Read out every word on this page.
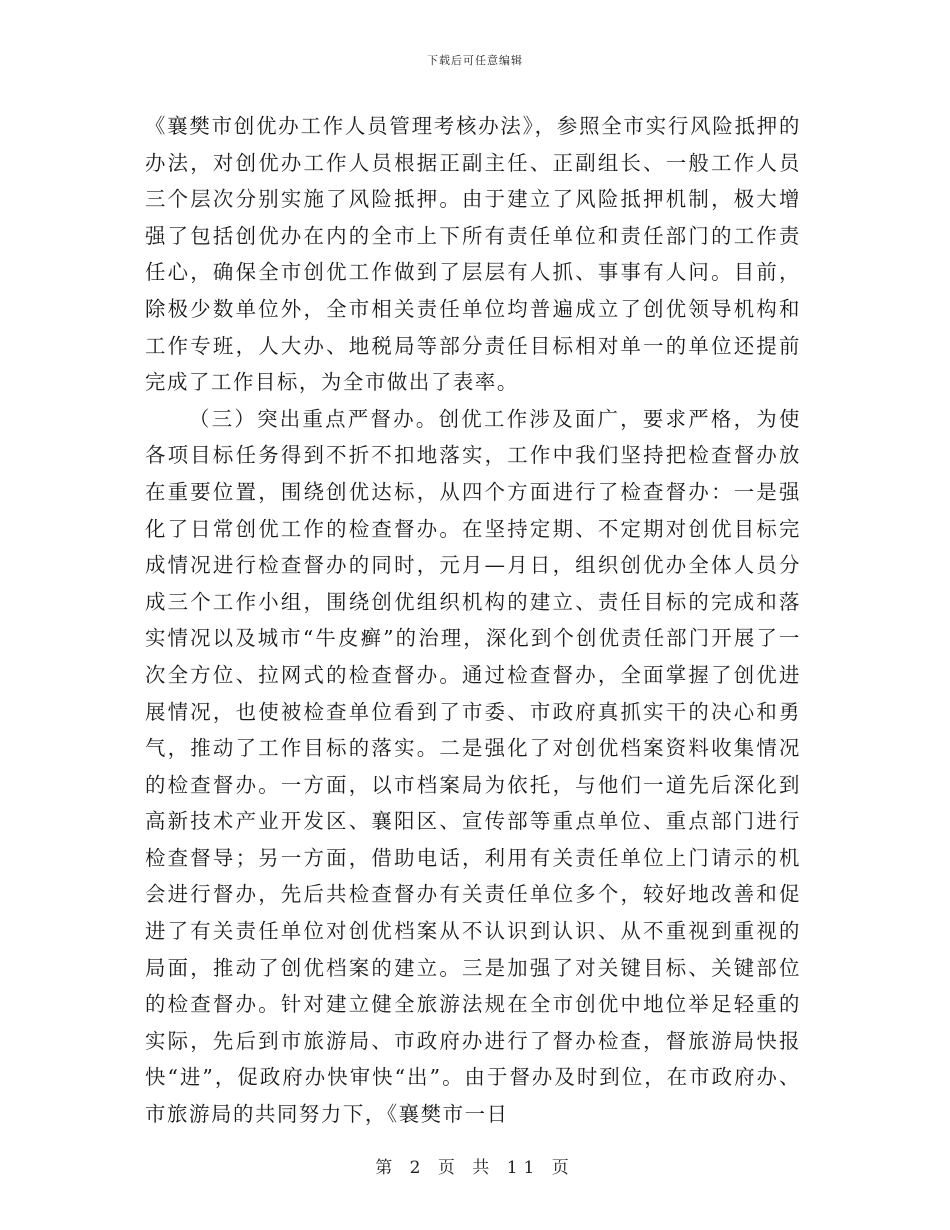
下载后可任意编辑

《襄樊市创优办工作人员管理考核办法》，参照全市实行风险抵押的办法，对创优办工作人员根据正副主任、正副组长、一般工作人员三个层次分别实施了风险抵押。由于建立了风险抵押机制，极大增强了包括创优办在内的全市上下所有责任单位和责任部门的工作责任心，确保全市创优工作做到了层层有人抓、事事有人问。目前，除极少数单位外，全市相关责任单位均普遍成立了创优领导机构和工作专班，人大办、地税局等部分责任目标相对单一的单位还提前完成了工作目标，为全市做出了表率。

（三）突出重点严督办。创优工作涉及面广，要求严格，为使各项目标任务得到不折不扣地落实，工作中我们坚持把检查督办放在重要位置，围绕创优达标，从四个方面进行了检查督办：一是强化了日常创优工作的检查督办。在坚持定期、不定期对创优目标完成情况进行检查督办的同时，元月—月日，组织创优办全体人员分成三个工作小组，围绕创优组织机构的建立、责任目标的完成和落实情况以及城市“牛皮癣”的治理，深化到个创优责任部门开展了一次全方位、拉网式的检查督办。通过检查督办，全面掌握了创优进展情况，也使被检查单位看到了市委、市政府真抓实干的决心和勇气，推动了工作目标的落实。二是强化了对创优档案资料收集情况的检查督办。一方面，以市档案局为依托，与他们一道先后深化到高新技术产业开发区、襄阳区、宣传部等重点单位、重点部门进行检查督导；另一方面，借助电话，利用有关责任单位上门请示的机会进行督办，先后共检查督办有关责任单位多个，较好地改善和促进了有关责任单位对创优档案从不认识到认识、从不重视到重视的局面，推动了创优档案的建立。三是加强了对关键目标、关键部位的检查督办。针对建立健全旅游法规在全市创优中地位举足轻重的实际，先后到市旅游局、市政府办进行了督办检查，督旅游局快报快“进”，促政府办快审快“出”。由于督办及时到位，在市政府办、市旅游局的共同努力下，《襄樊市一日

第 2 页 共 11 页
